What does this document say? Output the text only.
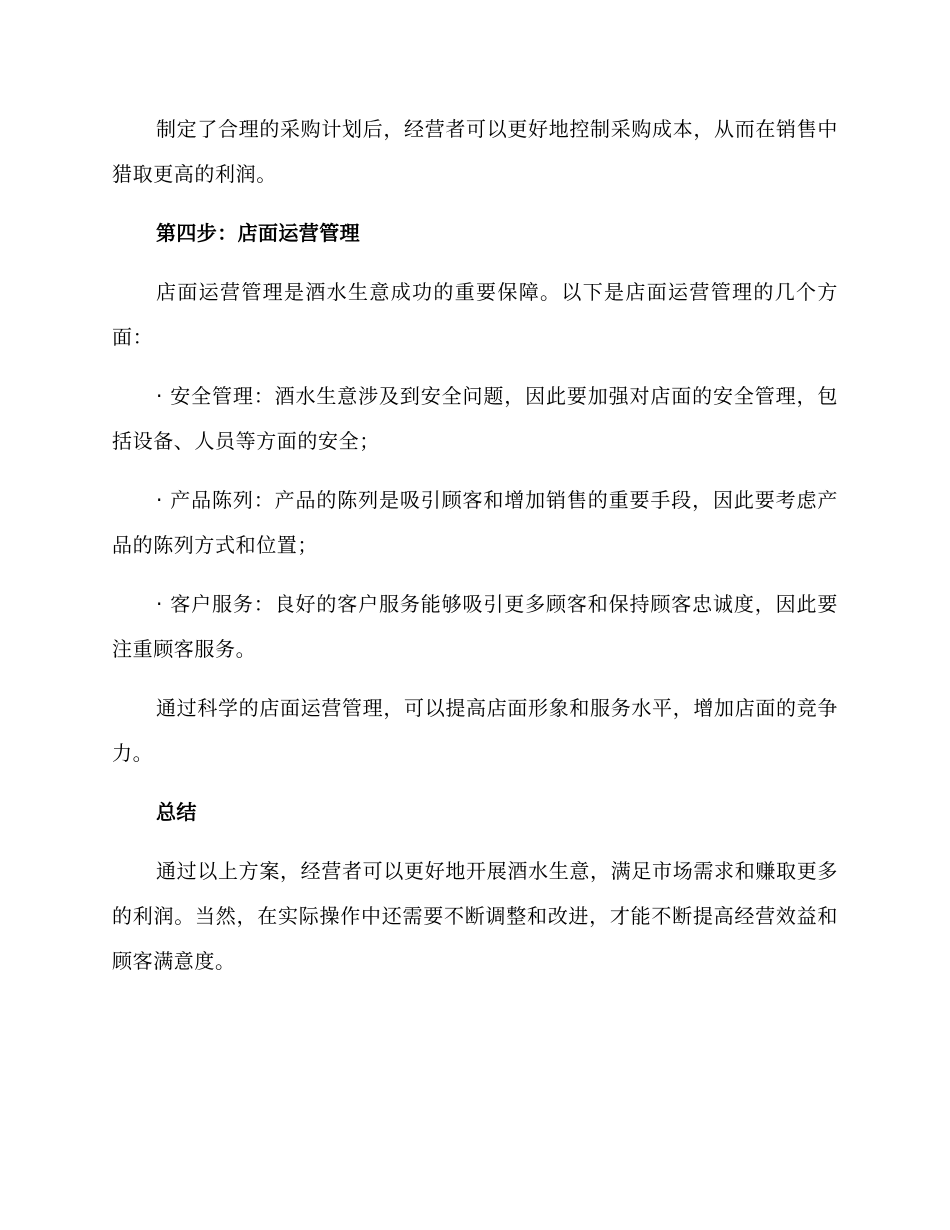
制定了合理的采购计划后，经营者可以更好地控制采购成本，从而在销售中猎取更高的利润。

第四步：店面运营管理

店面运营管理是酒水生意成功的重要保障。以下是店面运营管理的几个方面：

· 安全管理：酒水生意涉及到安全问题，因此要加强对店面的安全管理，包括设备、人员等方面的安全；

· 产品陈列：产品的陈列是吸引顾客和增加销售的重要手段，因此要考虑产品的陈列方式和位置；

· 客户服务：良好的客户服务能够吸引更多顾客和保持顾客忠诚度，因此要注重顾客服务。

通过科学的店面运营管理，可以提高店面形象和服务水平，增加店面的竞争力。

总结

通过以上方案，经营者可以更好地开展酒水生意，满足市场需求和赚取更多的利润。当然，在实际操作中还需要不断调整和改进，才能不断提高经营效益和顾客满意度。
